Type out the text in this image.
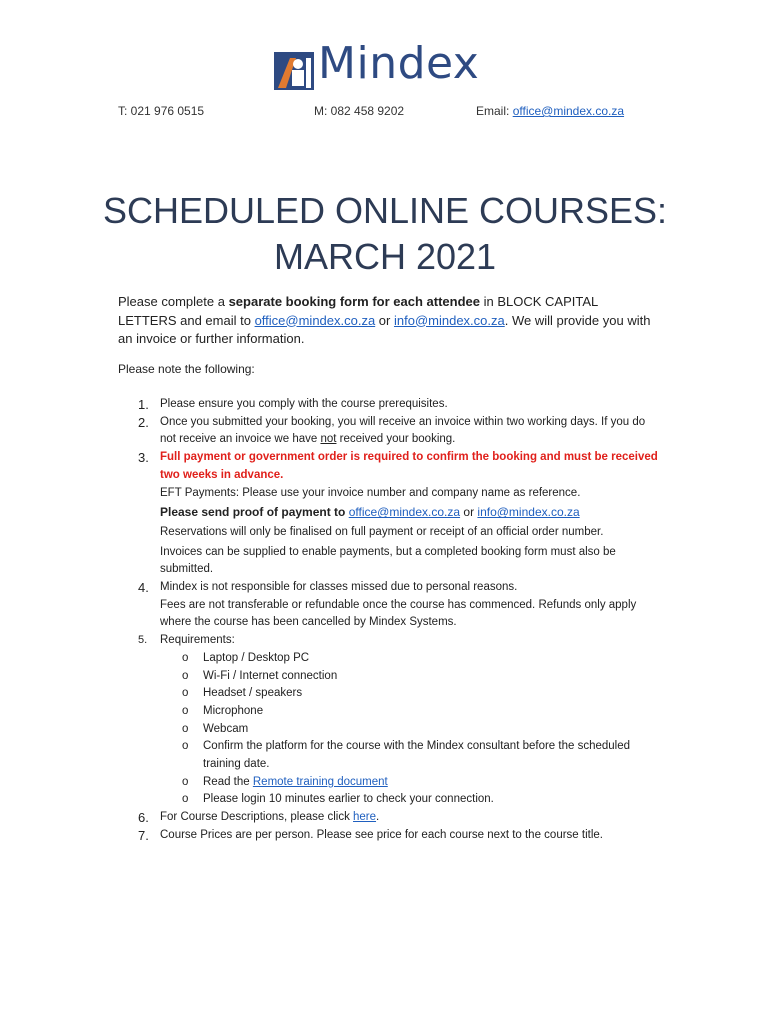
Mindex
T: 021 976 0515	M: 082 458 9202	Email: office@mindex.co.za
SCHEDULED ONLINE COURSES:
MARCH 2021
Please complete a separate booking form for each attendee in BLOCK CAPITAL LETTERS and email to office@mindex.co.za or info@mindex.co.za. We will provide you with an invoice or further information.
Please note the following:
1. Please ensure you comply with the course prerequisites.
2. Once you submitted your booking, you will receive an invoice within two working days. If you do not receive an invoice we have not received your booking.
3. Full payment or government order is required to confirm the booking and must be received two weeks in advance.
EFT Payments: Please use your invoice number and company name as reference.
Please send proof of payment to office@mindex.co.za or info@mindex.co.za
Reservations will only be finalised on full payment or receipt of an official order number.
Invoices can be supplied to enable payments, but a completed booking form must also be submitted.
4. Mindex is not responsible for classes missed due to personal reasons.
Fees are not transferable or refundable once the course has commenced. Refunds only apply where the course has been cancelled by Mindex Systems.
5. Requirements:
o Laptop / Desktop PC
o Wi-Fi / Internet connection
o Headset / speakers
o Microphone
o Webcam
o Confirm the platform for the course with the Mindex consultant before the scheduled training date.
o Read the Remote training document
o Please login 10 minutes earlier to check your connection.
6. For Course Descriptions, please click here.
7. Course Prices are per person. Please see price for each course next to the course title.
